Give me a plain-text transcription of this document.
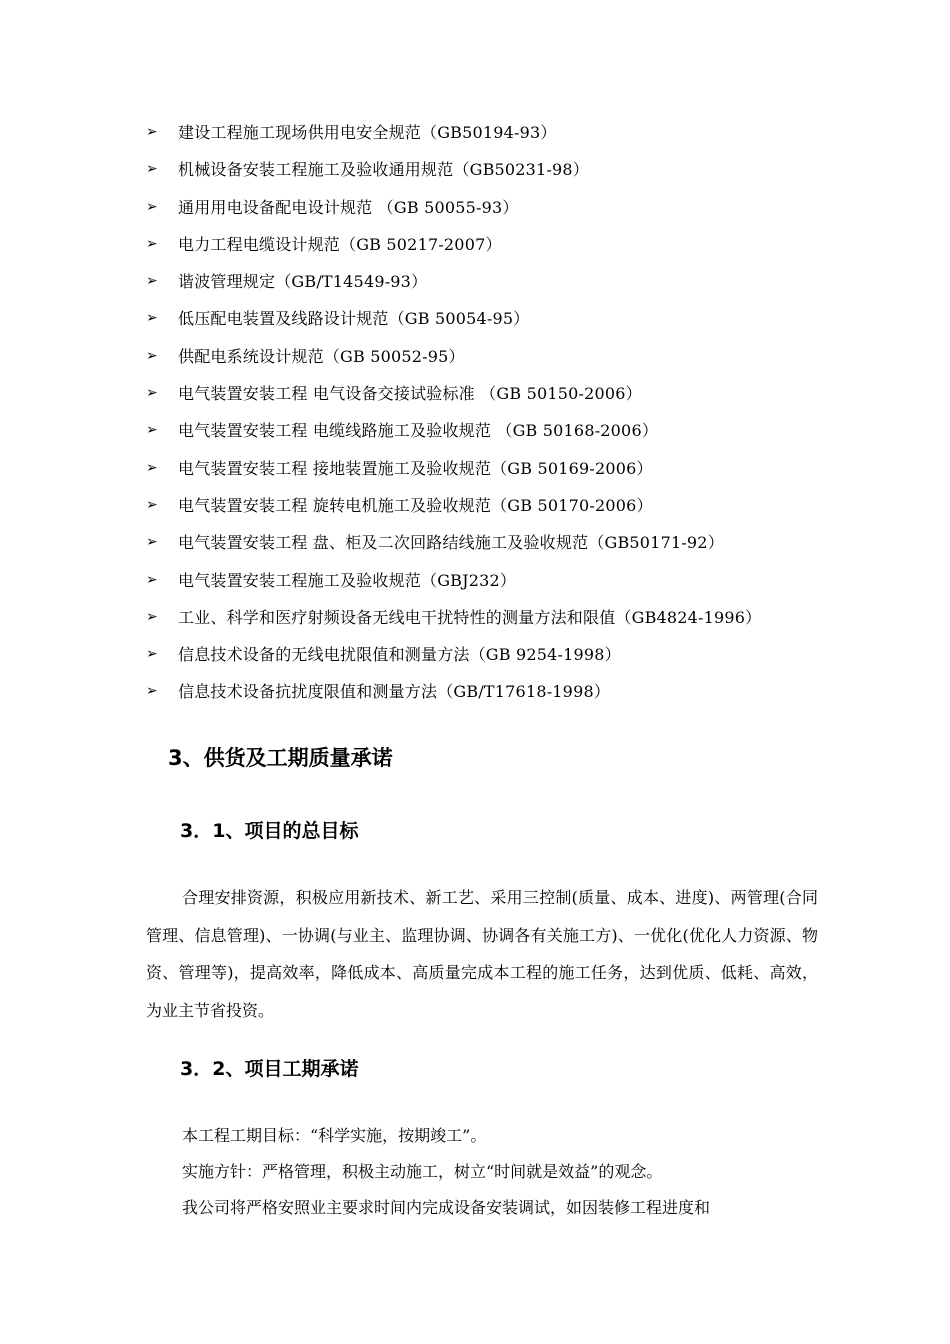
➢	建设工程施工现场供用电安全规范（GB50194-93）
➢	机械设备安装工程施工及验收通用规范（GB50231-98）
➢	通用用电设备配电设计规范 （GB 50055-93）
➢	电力工程电缆设计规范（GB 50217-2007）
➢	谐波管理规定（GB/T14549-93）
➢	低压配电装置及线路设计规范（GB 50054-95）
➢	供配电系统设计规范（GB 50052-95）
➢	电气装置安装工程 电气设备交接试验标准 （GB 50150-2006）
➢	电气装置安装工程 电缆线路施工及验收规范 （GB 50168-2006）
➢	电气装置安装工程 接地装置施工及验收规范（GB 50169-2006）
➢	电气装置安装工程 旋转电机施工及验收规范（GB 50170-2006）
➢	电气装置安装工程 盘、柜及二次回路结线施工及验收规范（GB50171-92）
➢	电气装置安装工程施工及验收规范（GBJ232）
➢	工业、科学和医疗射频设备无线电干扰特性的测量方法和限值（GB4824-1996）
➢	信息技术设备的无线电扰限值和测量方法（GB 9254-1998）
➢	信息技术设备抗扰度限值和测量方法（GB/T17618-1998）
3、供货及工期质量承诺
3．1、项目的总目标
合理安排资源，积极应用新技术、新工艺、采用三控制(质量、成本、进度)、两管理(合同管理、信息管理)、一协调(与业主、监理协调、协调各有关施工方)、一优化(优化人力资源、物资、管理等)，提高效率，降低成本、高质量完成本工程的施工任务，达到优质、低耗、高效，为业主节省投资。
3．2、项目工期承诺
本工程工期目标：“科学实施，按期竣工”。
实施方针：严格管理，积极主动施工，树立“时间就是效益”的观念。
我公司将严格安照业主要求时间内完成设备安装调试，如因装修工程进度和
